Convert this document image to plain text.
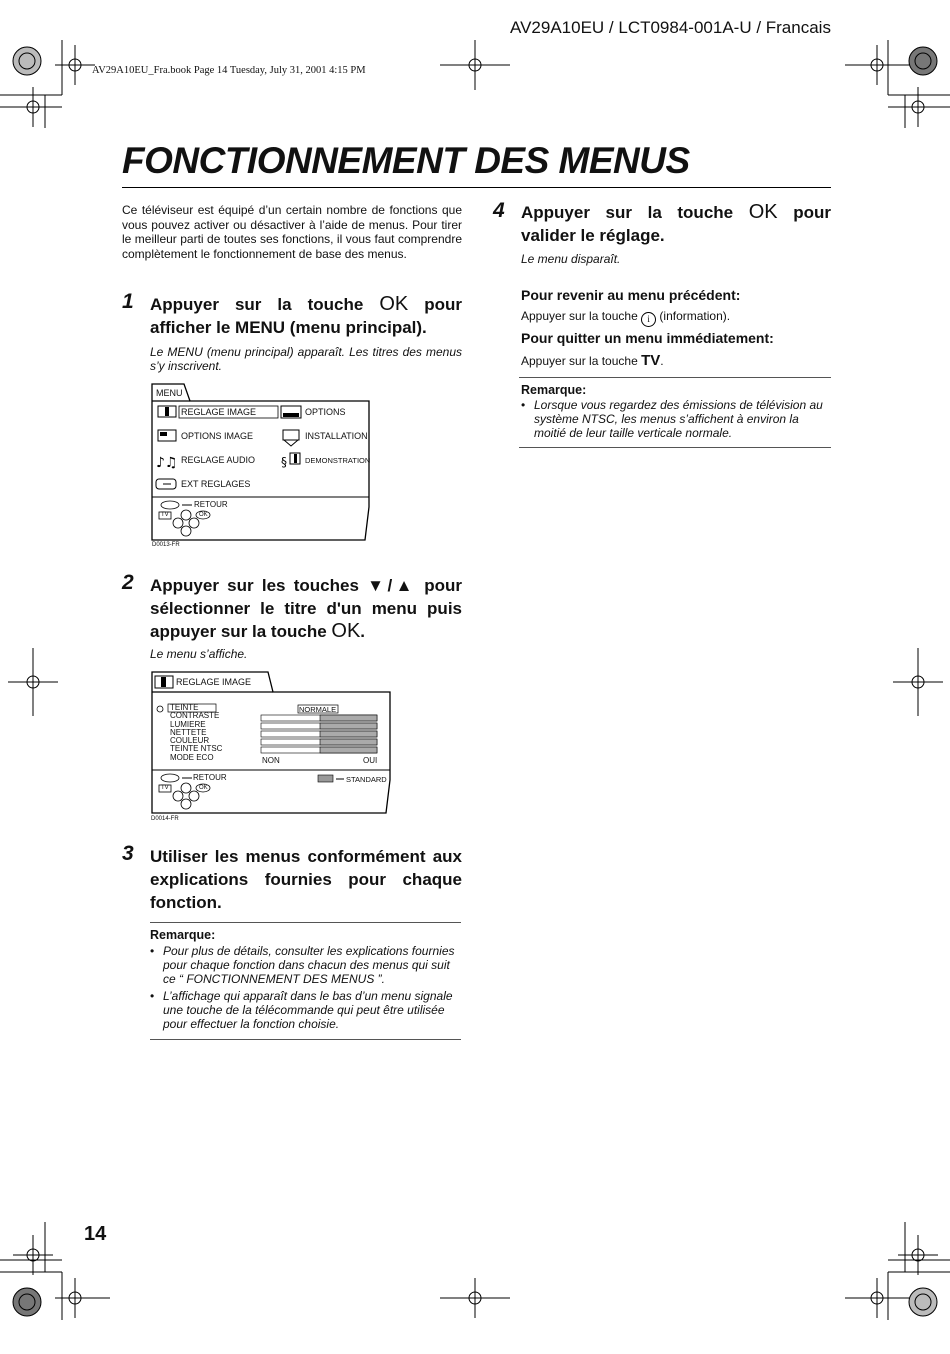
AV29A10EU / LCT0984-001A-U / Francais
AV29A10EU_Fra.book Page 14 Tuesday, July 31, 2001 4:15 PM
FONCTIONNEMENT DES MENUS
Ce téléviseur est équipé d’un certain nombre de fonctions que vous pouvez activer ou désactiver à l’aide de menus. Pour tirer le meilleur parti de toutes ses fonctions, il vous faut comprendre complètement le fonctionnement de base des menus.
1 Appuyer sur la touche OK pour afficher le MENU (menu principal).
Le MENU (menu principal) apparaît. Les titres des menus s’y inscrivent.
♪♫	§
MENU
REGLAGE IMAGE
OPTIONS IMAGE
REGLAGE AUDIO
EXT REGLAGES
OPTIONS
INSTALLATION
DEMONSTRATION
RETOUR
TV	OK
D0013-FR
2 Appuyer sur les touches ▼/▲ pour sélectionner le titre d'un menu puis appuyer sur la touche OK.
Le menu s’affiche.
REGLAGE IMAGE
TEINTE
CONTRASTE
LUMIERE
NETTETE
COULEUR
TEINTE NTSC
MODE ECO
NORMALE
NON	OUI
RETOUR	STANDARD
TV	OK
D0014-FR
3 Utiliser les menus conformément aux explications fournies pour chaque fonction.
Remarque:
• Pour plus de détails, consulter les explications fournies pour chaque fonction dans chacun des menus qui suit ce “ FONCTIONNEMENT DES MENUS ”.
• L’affichage qui apparaît dans le bas d’un menu signale une touche de la télécommande qui peut être utilisée pour effectuer la fonction choisie.
4 Appuyer sur la touche OK pour valider le réglage.
Le menu disparaît.
Pour revenir au menu précédent:
Appuyer sur la touche i (information).
Pour quitter un menu immédiatement:
Appuyer sur la touche TV.
Remarque:
• Lorsque vous regardez des émissions de télévision au système NTSC, les menus s’affichent à environ la moitié de leur taille verticale normale.
14
